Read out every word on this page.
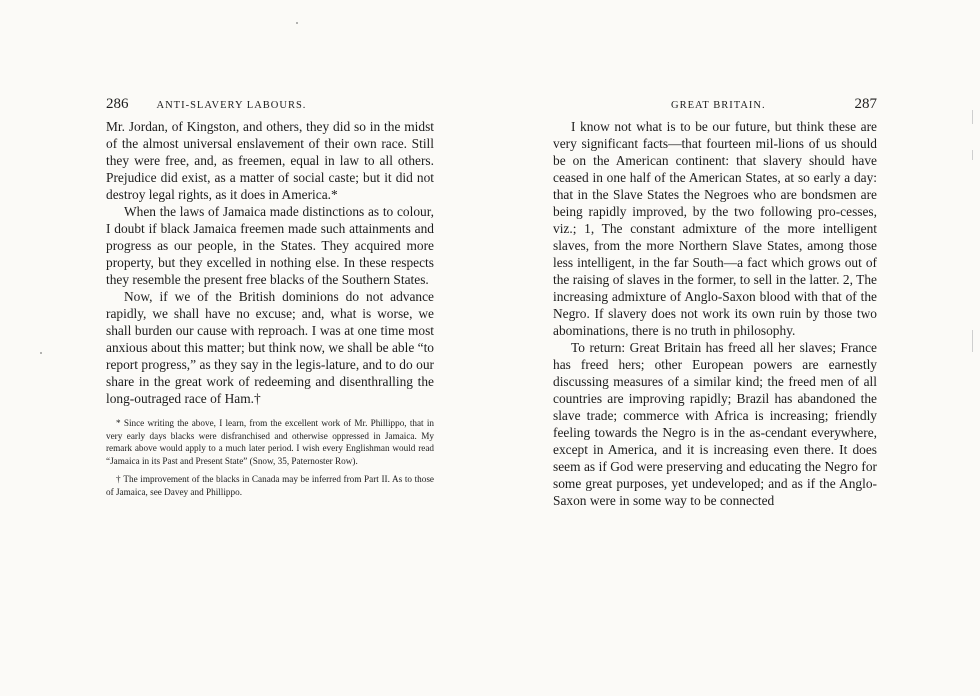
286	ANTI-SLAVERY LABOURS.

Mr. Jordan, of Kingston, and others, they did so in the midst of the almost universal enslavement of their own race. Still they were free, and, as freemen, equal in law to all others. Prejudice did exist, as a matter of social caste; but it did not destroy legal rights, as it does in America.*

When the laws of Jamaica made distinctions as to colour, I doubt if black Jamaica freemen made such attainments and progress as our people, in the States. They acquired more property, but they excelled in nothing else. In these respects they resemble the present free blacks of the Southern States.

Now, if we of the British dominions do not advance rapidly, we shall have no excuse; and, what is worse, we shall burden our cause with reproach. I was at one time most anxious about this matter; but think now, we shall be able “to report progress,” as they say in the legis-lature, and to do our share in the great work of redeeming and disenthralling the long-outraged race of Ham.†

* Since writing the above, I learn, from the excellent work of Mr. Phillippo, that in very early days blacks were disfranchised and otherwise oppressed in Jamaica. My remark above would apply to a much later period. I wish every Englishman would read “Jamaica in its Past and Present State” (Snow, 35, Paternoster Row).

† The improvement of the blacks in Canada may be inferred from Part II. As to those of Jamaica, see Davey and Phillippo.

GREAT BRITAIN.	287

I know not what is to be our future, but think these are very significant facts—that fourteen mil-lions of us should be on the American continent: that slavery should have ceased in one half of the American States, at so early a day: that in the Slave States the Negroes who are bondsmen are being rapidly improved, by the two following pro-cesses, viz.; 1, The constant admixture of the more intelligent slaves, from the more Northern Slave States, among those less intelligent, in the far South—a fact which grows out of the raising of slaves in the former, to sell in the latter. 2, The increasing admixture of Anglo-Saxon blood with that of the Negro. If slavery does not work its own ruin by those two abominations, there is no truth in philosophy.

To return: Great Britain has freed all her slaves; France has freed hers; other European powers are earnestly discussing measures of a similar kind; the freed men of all countries are improving rapidly; Brazil has abandoned the slave trade; commerce with Africa is increasing; friendly feeling towards the Negro is in the as-cendant everywhere, except in America, and it is increasing even there. It does seem as if God were preserving and educating the Negro for some great purposes, yet undeveloped; and as if the Anglo-Saxon were in some way to be connected
